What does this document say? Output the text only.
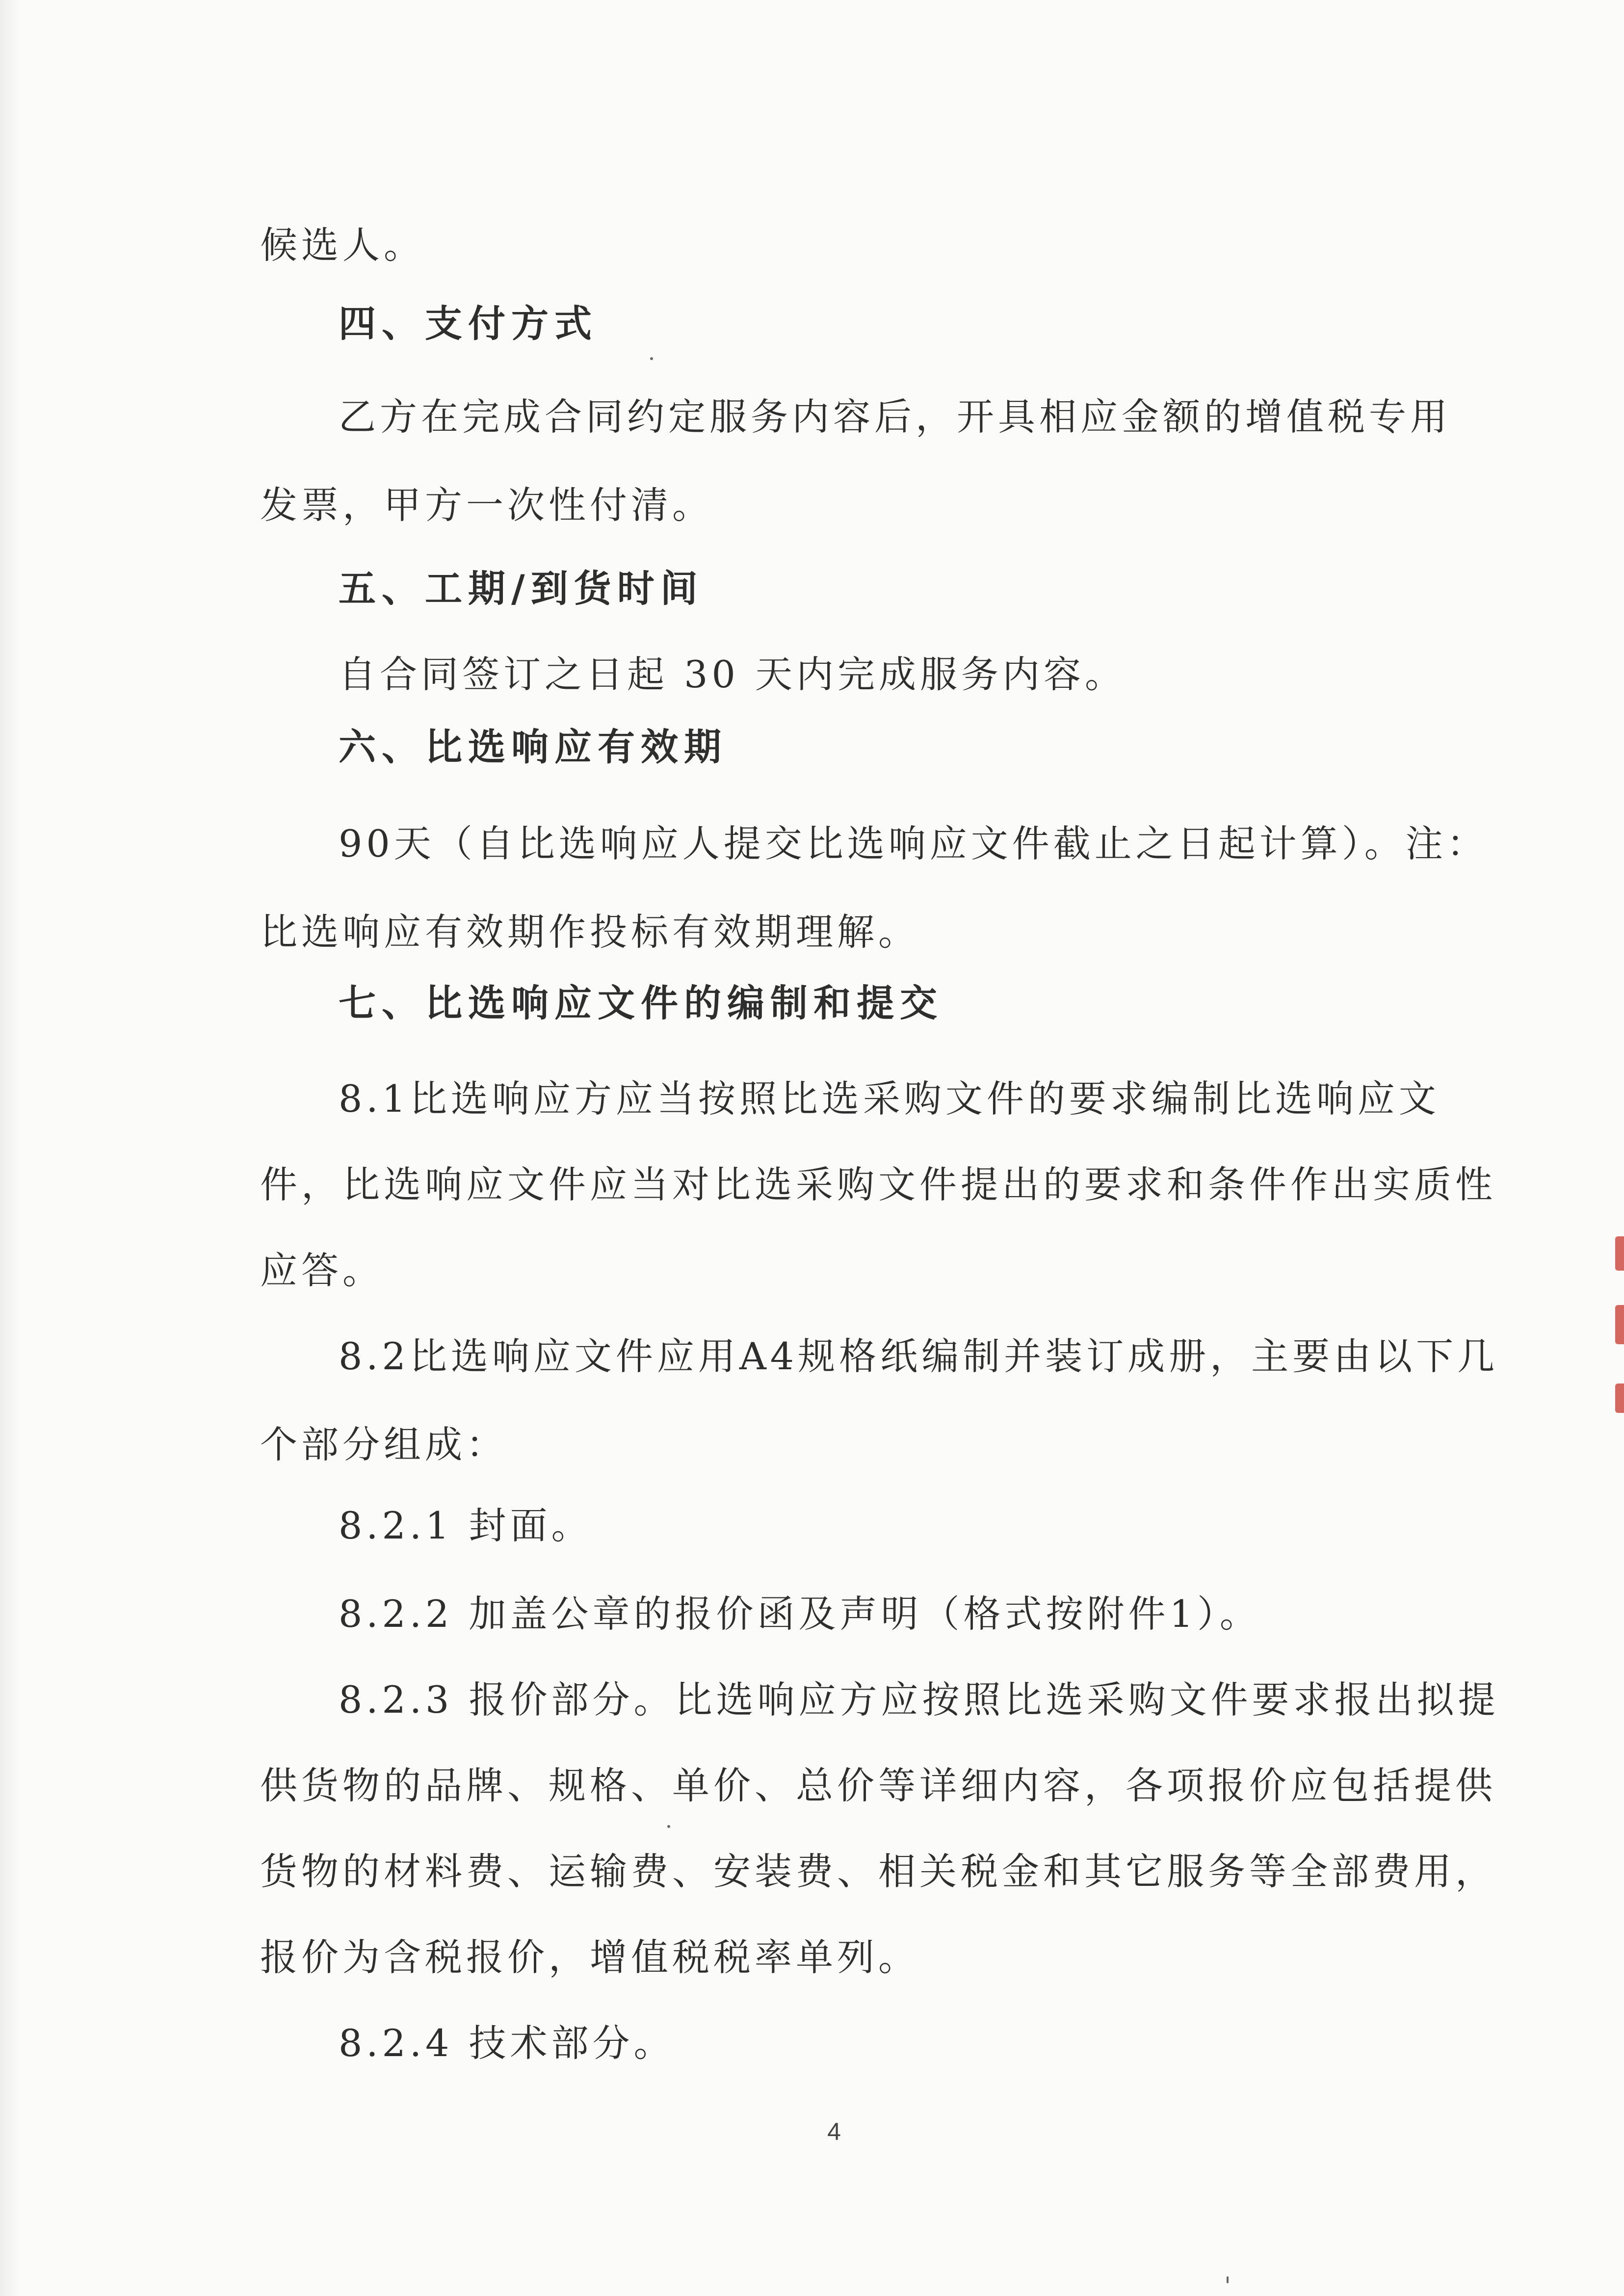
候选人。
四、支付方式
乙方在完成合同约定服务内容后，开具相应金额的增值税专用
发票，甲方一次性付清。
五、工期/到货时间
自合同签订之日起 30 天内完成服务内容。
六、比选响应有效期
90天（自比选响应人提交比选响应文件截止之日起计算）。注：
比选响应有效期作投标有效期理解。
七、比选响应文件的编制和提交
8.1比选响应方应当按照比选采购文件的要求编制比选响应文
件，比选响应文件应当对比选采购文件提出的要求和条件作出实质性
应答。
8.2比选响应文件应用A4规格纸编制并装订成册，主要由以下几
个部分组成：
8.2.1 封面。
8.2.2 加盖公章的报价函及声明（格式按附件1）。
8.2.3 报价部分。比选响应方应按照比选采购文件要求报出拟提
供货物的品牌、规格、单价、总价等详细内容，各项报价应包括提供
货物的材料费、运输费、安装费、相关税金和其它服务等全部费用，
报价为含税报价，增值税税率单列。
8.2.4 技术部分。
4
